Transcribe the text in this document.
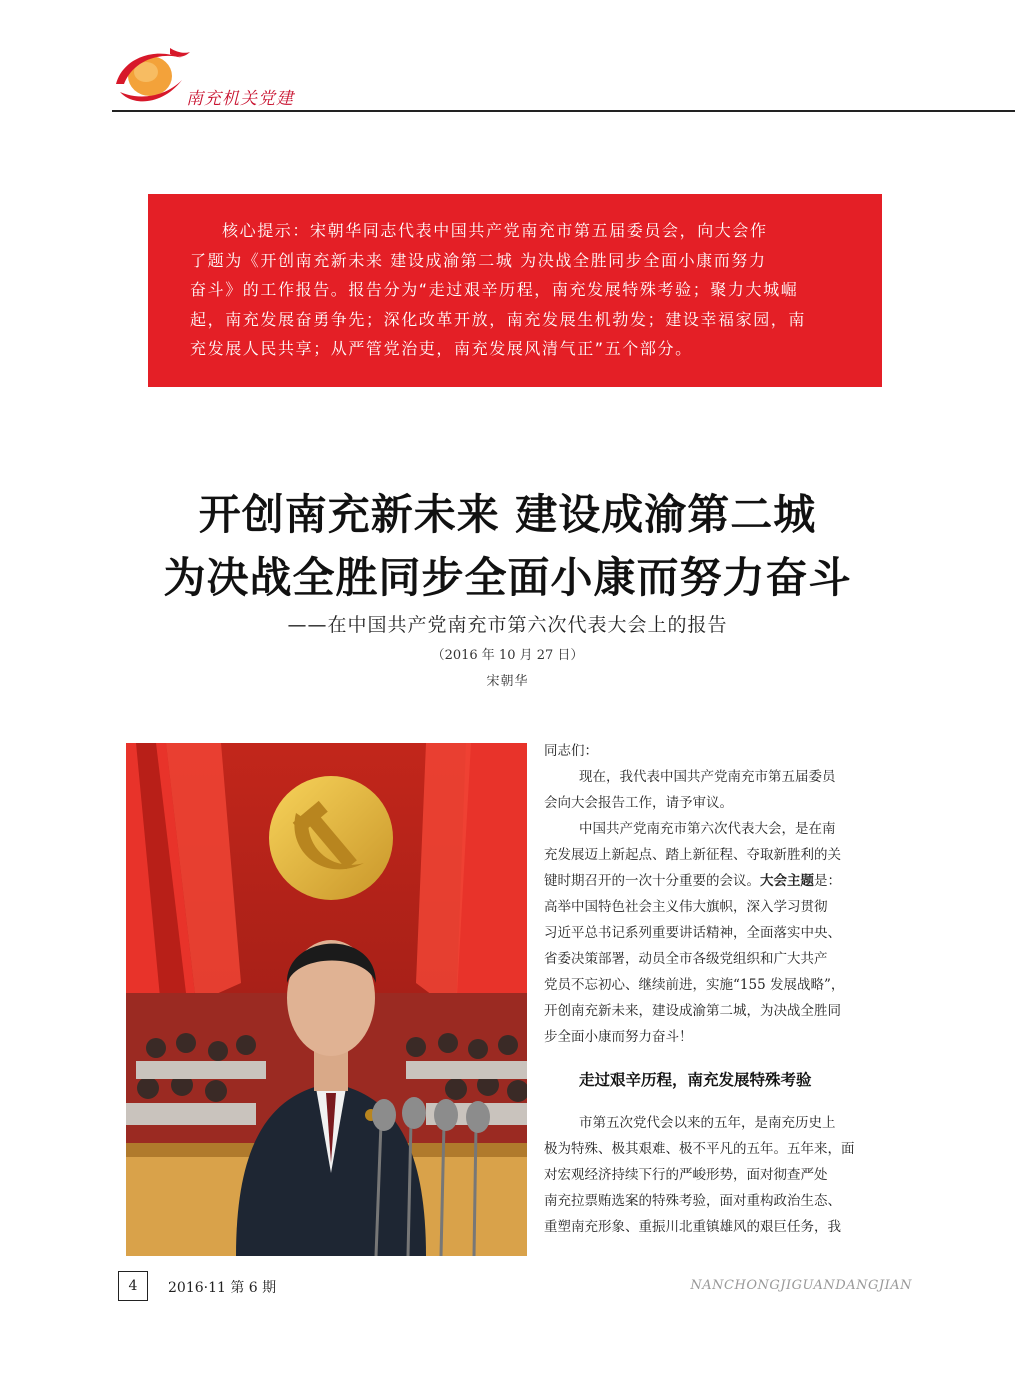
南充机关党建

核心提示：宋朝华同志代表中国共产党南充市第五届委员会，向大会作
了题为《开创南充新未来 建设成渝第二城 为决战全胜同步全面小康而努力
奋斗》的工作报告。报告分为“走过艰辛历程，南充发展特殊考验；聚力大城崛
起，南充发展奋勇争先；深化改革开放，南充发展生机勃发；建设幸福家园，南
充发展人民共享；从严管党治吏，南充发展风清气正”五个部分。

开创南充新未来 建设成渝第二城
为决战全胜同步全面小康而努力奋斗
——在中国共产党南充市第六次代表大会上的报告
（2016 年 10 月 27 日）
宋朝华
同志们：
现在，我代表中国共产党南充市第五届委员
会向大会报告工作，请予审议。
中国共产党南充市第六次代表大会，是在南
充发展迈上新起点、踏上新征程、夺取新胜利的关
键时期召开的一次十分重要的会议。大会主题是：
高举中国特色社会主义伟大旗帜，深入学习贯彻
习近平总书记系列重要讲话精神，全面落实中央、
省委决策部署，动员全市各级党组织和广大共产
党员不忘初心、继续前进，实施“155 发展战略”，
开创南充新未来，建设成渝第二城，为决战全胜同
步全面小康而努力奋斗！
走过艰辛历程，南充发展特殊考验
市第五次党代会以来的五年，是南充历史上
极为特殊、极其艰难、极不平凡的五年。五年来，面
对宏观经济持续下行的严峻形势，面对彻查严处
南充拉票贿选案的特殊考验，面对重构政治生态、
重塑南充形象、重振川北重镇雄风的艰巨任务，我
4	2016·11 第 6 期	NANCHONGJIGUANDANGJIAN
